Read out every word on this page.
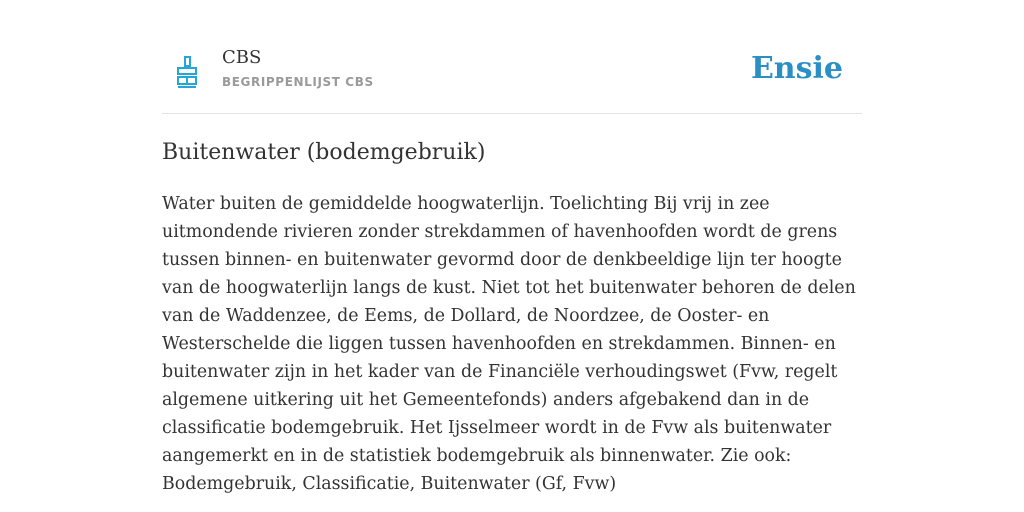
CBS
BEGRIPPENLIJST CBS	Ensie
Buitenwater (bodemgebruik)

Water buiten de gemiddelde hoogwaterlijn. Toelichting Bij vrij in zee uitmondende rivieren zonder strekdammen of havenhoofden wordt de grens tussen binnen- en buitenwater gevormd door de denkbeeldige lijn ter hoogte van de hoogwaterlijn langs de kust. Niet tot het buitenwater behoren de delen van de Waddenzee, de Eems, de Dollard, de Noordzee, de Ooster- en Westerschelde die liggen tussen havenhoofden en strekdammen. Binnen- en buitenwater zijn in het kader van de Financiële verhoudingswet (Fvw, regelt algemene uitkering uit het Gemeentefonds) anders afgebakend dan in de classificatie bodemgebruik. Het Ijsselmeer wordt in de Fvw als buitenwater aangemerkt en in de statistiek bodemgebruik als binnenwater. Zie ook: Bodemgebruik, Classificatie, Buitenwater (Gf, Fvw)
